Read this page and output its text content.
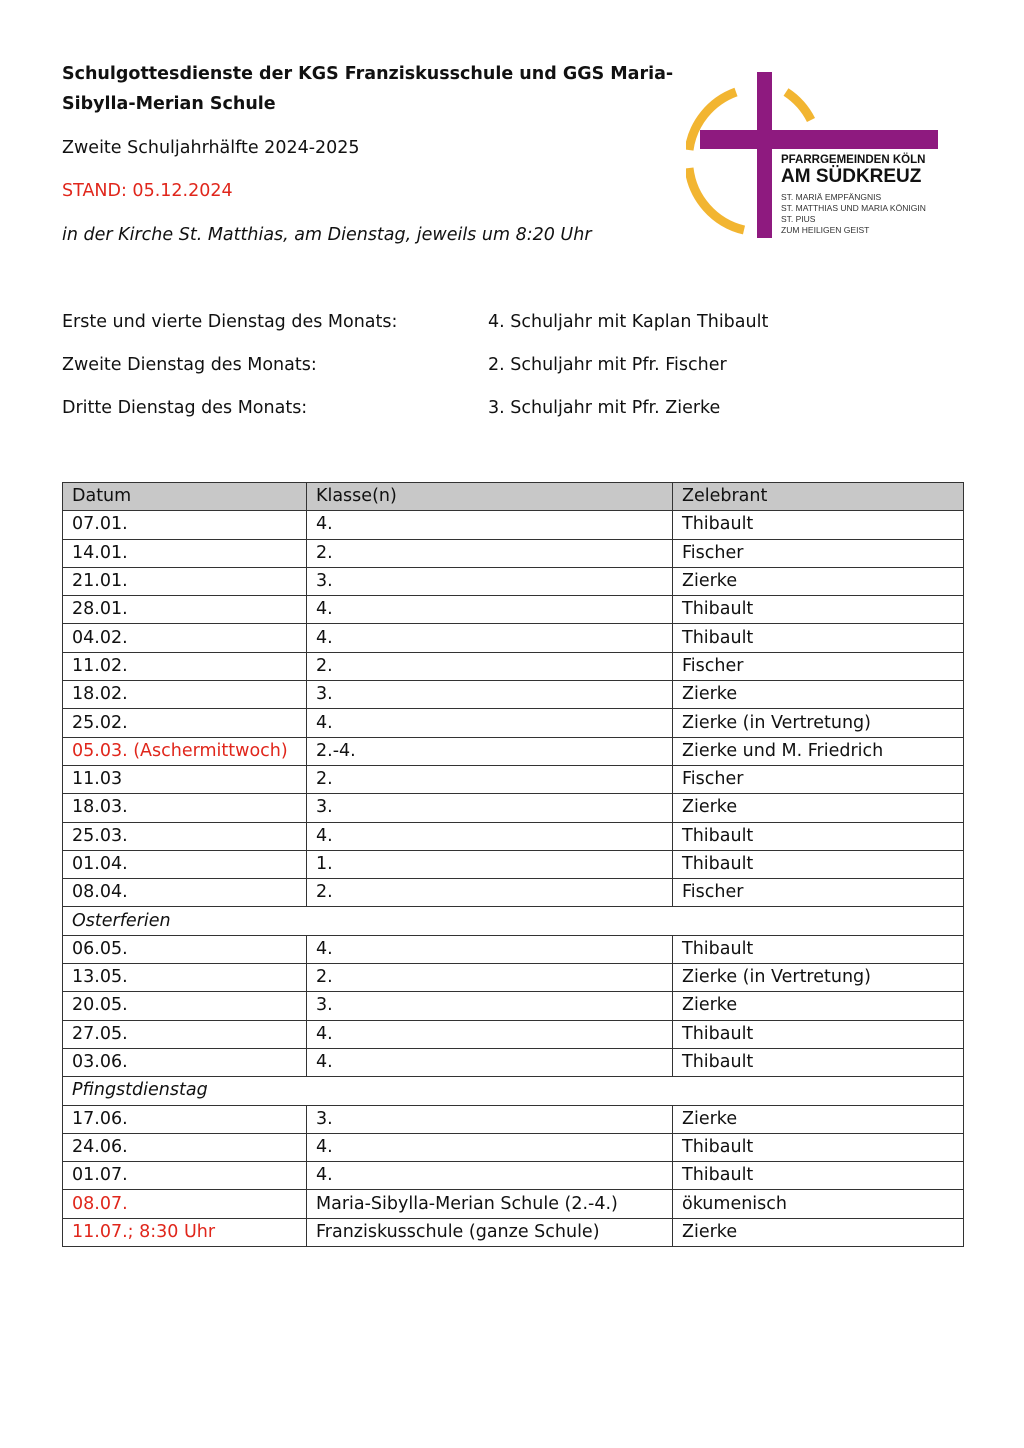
Schulgottesdienste der KGS Franziskusschule und GGS Maria-
Sibylla-Merian Schule
Zweite Schuljahrhälfte 2024-2025
STAND: 05.12.2024
in der Kirche St. Matthias, am Dienstag, jeweils um 8:20 Uhr
PFARRGEMEINDEN KÖLN
AM SÜDKREUZ
ST. MARIÄ EMPFÄNGNIS
ST. MATTHIAS UND MARIA KÖNIGIN
ST. PIUS
ZUM HEILIGEN GEIST
Erste und vierte Dienstag des Monats:	4. Schuljahr mit Kaplan Thibault
Zweite Dienstag des Monats:	2. Schuljahr mit Pfr. Fischer
Dritte Dienstag des Monats:	3. Schuljahr mit Pfr. Zierke
Datum	Klasse(n)	Zelebrant
07.01.	4.	Thibault
14.01.	2.	Fischer
21.01.	3.	Zierke
28.01.	4.	Thibault
04.02.	4.	Thibault
11.02.	2.	Fischer
18.02.	3.	Zierke
25.02.	4.	Zierke (in Vertretung)
05.03. (Aschermittwoch)	2.-4.	Zierke und M. Friedrich
11.03	2.	Fischer
18.03.	3.	Zierke
25.03.	4.	Thibault
01.04.	1.	Thibault
08.04.	2.	Fischer
Osterferien		
06.05.	4.	Thibault
13.05.	2.	Zierke (in Vertretung)
20.05.	3.	Zierke
27.05.	4.	Thibault
03.06.	4.	Thibault
Pfingstdienstag		
17.06.	3.	Zierke
24.06.	4.	Thibault
01.07.	4.	Thibault
08.07.	Maria-Sibylla-Merian Schule (2.-4.)	ökumenisch
11.07.; 8:30 Uhr	Franziskusschule (ganze Schule)	Zierke
